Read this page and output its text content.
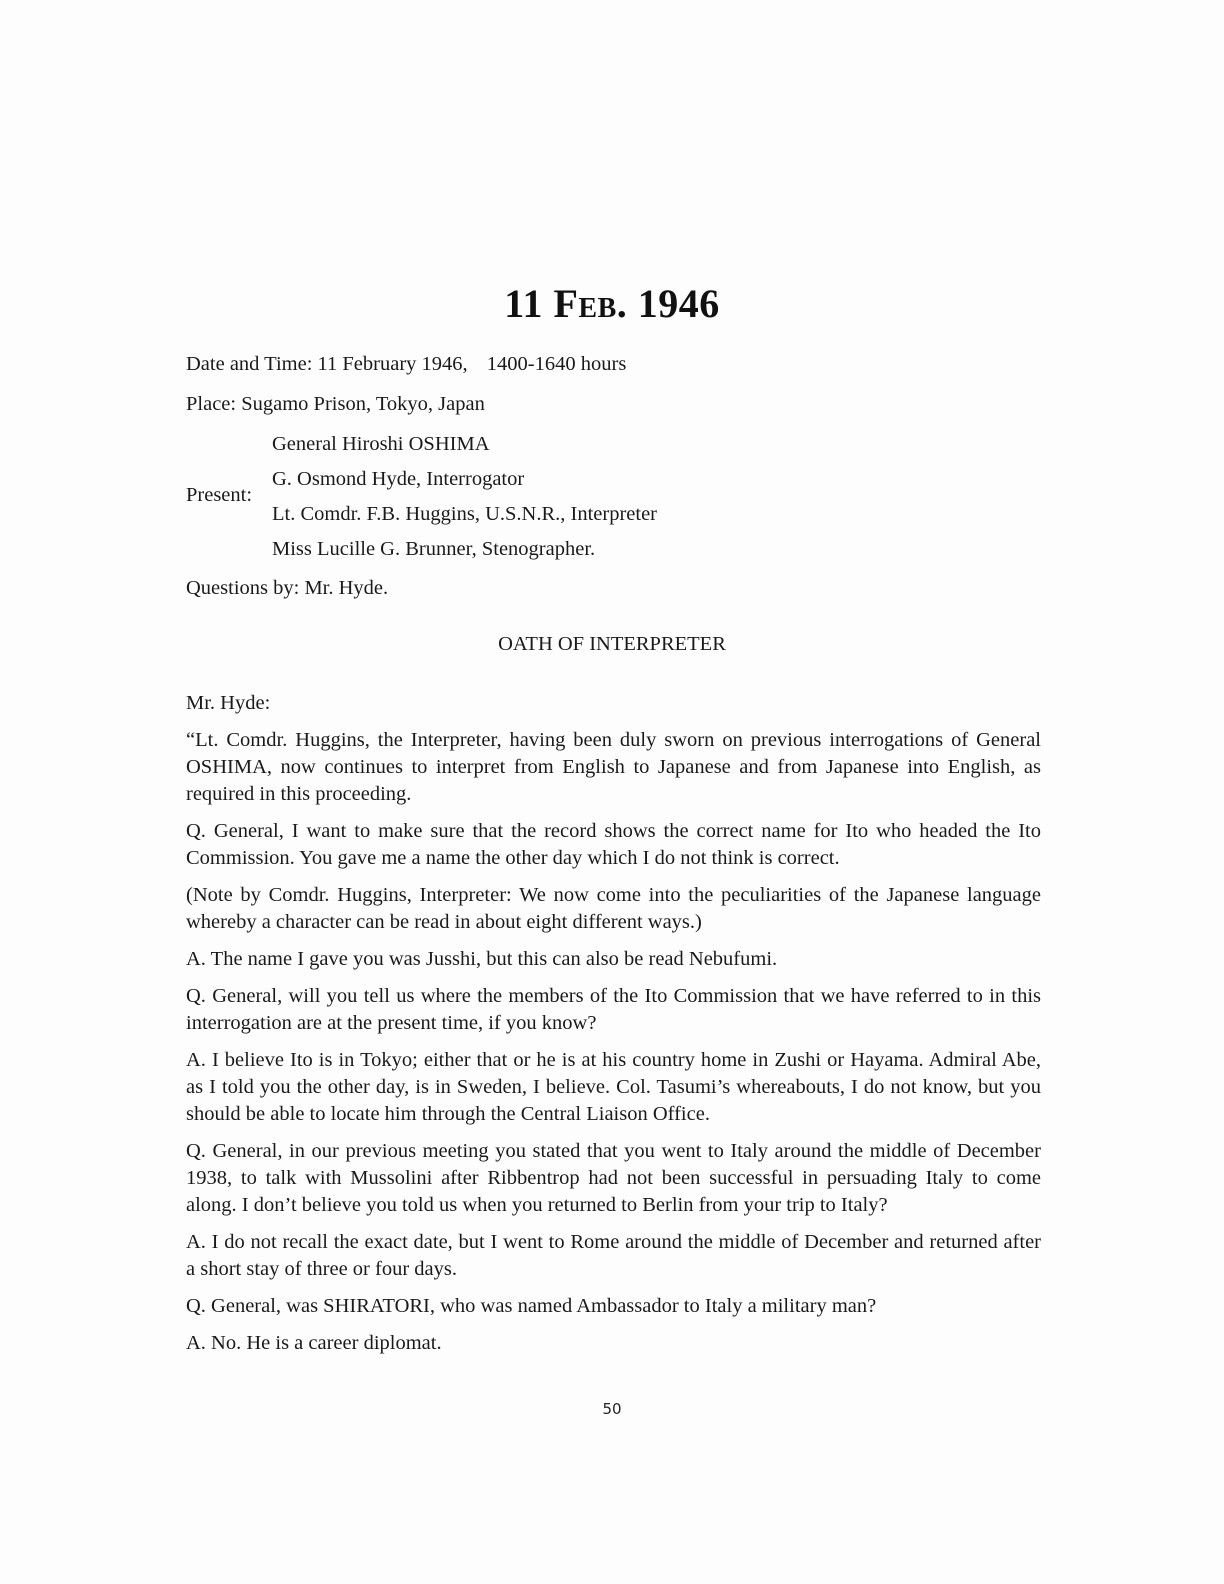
11 Feb. 1946
Date and Time: 11 February 1946, 1400-1640 hours
Place: Sugamo Prison, Tokyo, Japan
Present:
General Hiroshi OSHIMA
G. Osmond Hyde, Interrogator
Lt. Comdr. F.B. Huggins, U.S.N.R., Interpreter
Miss Lucille G. Brunner, Stenographer.
Questions by: Mr. Hyde.
OATH OF INTERPRETER

Mr. Hyde:

“Lt. Comdr. Huggins, the Interpreter, having been duly sworn on previous interrogations of General OSHIMA, now continues to interpret from English to Japanese and from Japanese into English, as required in this proceeding.

Q. General, I want to make sure that the record shows the correct name for Ito who headed the Ito Commission. You gave me a name the other day which I do not think is correct.

(Note by Comdr. Huggins, Interpreter: We now come into the peculiarities of the Japanese language whereby a character can be read in about eight different ways.)

A. The name I gave you was Jusshi, but this can also be read Nebufumi.

Q. General, will you tell us where the members of the Ito Commission that we have referred to in this interrogation are at the present time, if you know?

A. I believe Ito is in Tokyo; either that or he is at his country home in Zushi or Hayama. Admiral Abe, as I told you the other day, is in Sweden, I believe. Col. Tasumi’s whereabouts, I do not know, but you should be able to locate him through the Central Liaison Office.

Q. General, in our previous meeting you stated that you went to Italy around the middle of December 1938, to talk with Mussolini after Ribbentrop had not been successful in persuading Italy to come along. I don’t believe you told us when you returned to Berlin from your trip to Italy?

A. I do not recall the exact date, but I went to Rome around the middle of December and returned after a short stay of three or four days.

Q. General, was SHIRATORI, who was named Ambassador to Italy a military man?

A. No. He is a career diplomat.

50
